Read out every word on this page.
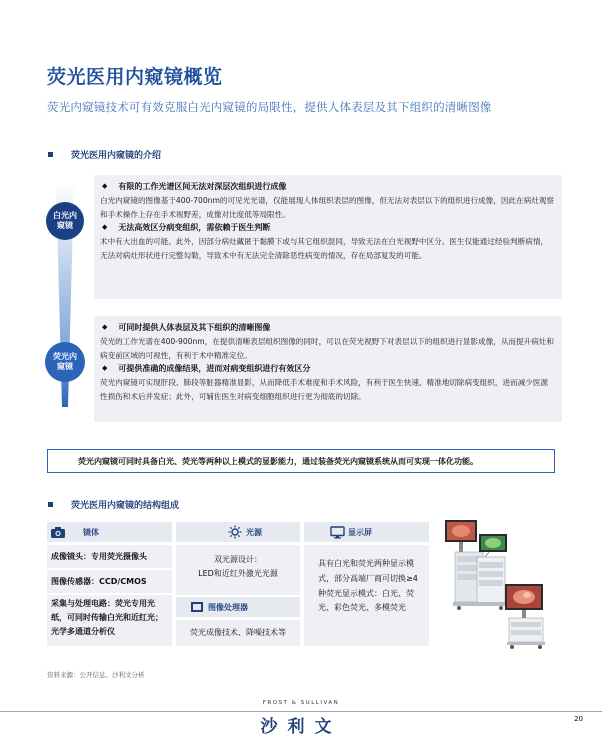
荧光医用内窥镜概览
荧光内窥镜技术可有效克服白光内窥镜的局限性，提供人体表层及其下组织的清晰图像
荧光医用内窥镜的介绍
白光内窥镜
荧光内窥镜
◆ 有限的工作光谱区间无法对深层次组织进行成像
白光内窥镜的图像基于400-700nm的可见光光谱，仅能展现人体组织表层的图像，但无法对表层以下的组织进行成像，因此在病灶观察和手术操作上存在手术视野差，成像对比度低等局限性。
◆ 无法高效区分病变组织，需依赖于医生判断
术中有大出血的可能。此外，因部分病灶藏匿于黏膜下或与其它组织混同，导致无法在白光视野中区分。医生仅能通过经验判断病情，无法对病灶形状进行完整勾勒，导致术中有无法完全清除恶性病变的情况，存在局部复发的可能。
◆ 可同时提供人体表层及其下组织的清晰图像
荧光的工作光谱在400-900nm，在提供清晰表层组织图像的同时，可以在荧光视野下对表层以下的组织进行显影成像，从而提升病灶和病变前区域的可视性，有利于术中精准定位。
◆ 可提供准确的成像结果，进而对病变组织进行有效区分
荧光内窥镜可实现肝段、肺段等脏器精准显影，从而降低手术难度和手术风险，有利于医生快速、精准地切除病变组织，进而减少医源性损伤和术后并发症；此外，可辅佐医生对病变细胞组织进行更为彻底的切除。
荧光内窥镜可同时具备白光、荧光等两种以上模式的显影能力，通过装备荧光内窥镜系统从而可实现一体化功能。
荧光医用内窥镜的结构组成
镜体
成像镜头：专用荧光摄像头
图像传感器：CCD/CMOS
采集与处理电路：荧光专用光纸，可同时传输白光和近红光；光学多通道分析仪
光源
双光源设计：
LED和近红外激光光源
图像处理器
荧光成像技术、降噪技术等
显示屏
具有白光和荧光两种显示模式，部分高端厂商可切换≥4种荧光显示模式：白光、荧光、彩色荧光、多模荧光
资料来源：公开信息、沙利文分析
FROST & SULLIVAN
沙利文	20
